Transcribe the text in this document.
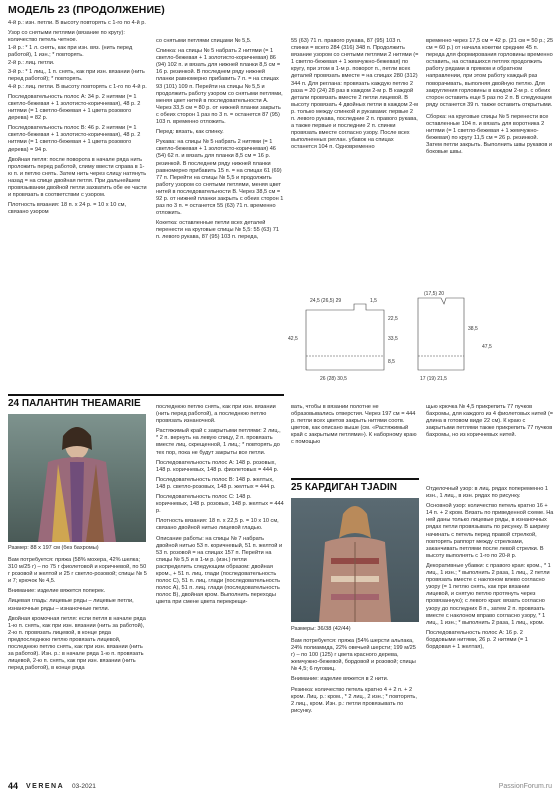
МОДЕЛЬ 23 (ПРОДОЛЖЕНИЕ)

4-й р.: изн. петли. В высоту повторять с 1-го по 4-й р.

Узор со снятыми петлями (вязание по кругу): количество петель четное.

1-й р.: * 1 л. снять, как при изн. вяз. (нить перед работой), 1 изн.; * повторять.

2-й р.: лиц. петли.

3-й р.: * 1 лиц., 1 п. снять, как при изн. вязании (нить перед работой); * повторять.

4-й р.: лиц. петли. В высоту повторять с 1-го по 4-й р.

Последовательность полос А: 34 р. 2 нитями (= 1 светло-бежевая + 1 золотисто-коричневая), 48 р. 2 нитями (= 1 светло-бежевая + 1 цвета розового дерева) = 82 р.

Последовательность полос В: 46 р. 2 нитями (= 1 светло-бежевая + 1 золотисто-коричневая), 48 р. 2 нитями (= 1 светло-бежевая + 1 цвета розового дерева) = 94 р.

Двойная петля: после поворота в начале ряда нить проложить перед работой, слиму ввести справа в 1-ю п. и петлю снять. Затем нить через слицу натянуть назад = на спице двойная петля. При дальнейшем провязывании двойной петли захватить обе ее части и провязать в соответствии с узором.

Плотность вязания: 18 п. х 24 р. = 10 х 10 см, связано узором

со снятыми петлями спицами № 5,5.

Спинка: на спицы № 5 набрать 2 нитями (= 1 светло-бежевая + 1 золотисто-коричневая) 86 (94) 102 п. и вязать для нижней планки 8,5 см = 16 р. резинкой. В последнем ряду нижней планки равномерно прибавить 7 п. = на спицах 93 (101) 109 п. Перейти на спицы № 5,5 и продолжить работу узором со снятыми петлями, меняя цвет нитей в последовательности А. Через 33,5 см = 80 р. от нижней планки закрыть с обеих сторон 1 раз по 3 п. = останется 87 (95) 103 п. временно отложить.

Перед: вязать, как спинку.

Рукава: на спицы № 5 набрать 2 нитями (= 1 светло-бежевая + 1 золотисто-коричневая) 46 (54) 62 п. и вязать для планки 8,5 см = 16 р. резинкой. В последнем ряду нижней планки равномерно прибавить 15 п. = на спицах 61 (69) 77 п. Перейти на спицы № 5,5 и продолжить работу узором со снятыми петлями, меняя цвет нитей в последовательности В. Через 38,5 см = 92 р. от нижней планки закрыть с обеих сторон 1 раз по 3 п. = останется 55 (63) 71 п. временно отложить.

Кокетка: оставленные петли всех деталей перенести на круговые спицы № 5,5: 55 (63) 71 п. левого рукава, 87 (95) 103 п. переда,

55 (63) 71 п. правого рукава, 87 (95) 103 п. спинки = всего 284 (316) 348 п. Продолжить вязание узором со снятыми петлями 2 нитями (= 1 светло-бежевая + 1 жемчужно-бежевая) по кругу, при этом в 1-м р. поворот п., петли всех деталей провязать вместе = на спицах 280 (312) 344 п. Для реглана: провязать каждую петлю 2 раза = 20 (24) 28 раз в каждом 2-м р. В каждой детали провязать вместе 2 петли лицевой. В высоту провязать 4 двойных петли в каждом 2-м р. только между спинкой и рукавами: первые 2 п. левого рукава, последние 2 п. правого рукава, а также первые и последние 2 п. спинки провязать вместе согласно узору. После всех выполненных реглан. убавок на спицах останется 104 п. Одновременно

временно через 17,5 см = 42 р. (21 см = 50 р.; 25 см = 60 р.) от начала кокетки средние 45 п. переда для формирования горловины временно оставить, на оставшихся петлях продолжить работу рядами в прямом и обратном направлении, при этом работу каждый раз поворачивать, выполняя двойную петлю. Для закругления горловины в каждом 2-м р. с обеих сторон оставить еще 5 раз по 2 п. В следующем ряду останется 39 п. также оставить открытыми.

Сборка: на круговые спицы № 5 перенести все оставленные 104 п. и вязать для воротника 2 нитями (= 1 светло-бежевая + 1 жемчужно-бежевая) по кругу 11,5 см = 26 р. резинкой. Затем петли закрыть. Выполнить швы рукавов и боковые швы.

24,5 (26,5) 29	1,5
(17,5) 20
22,5
33,5
8,5
42,5
38,5
47,5
26 (28) 30,5	17 (19) 21,5
24 ПАЛАНТИН THEAMARIE
Размер: 88 х 197 см (без бахромы)

Вам потребуется: пряжа (58% мохера, 42% шелка; 310 м/25 г) – по 75 г фиолетовой и коричневой, по 50 г розовой и желтой и 25 г светло-розовой; спицы № 5 и 7; крючок № 4,5.

Внимание: изделие вяжется поперек.

Лицевая гладь: лицевые ряды – лицевые петли, изнаночные ряды – изнаночные петли.

Двойная кромочная петля: если петля в начале ряда 1-ю п. снять, как при изн. вязании (нить за работой), 2-ю п. провязать лицевой, в конце ряда предпоследнюю петлю провязать лицевой, последнюю петлю снять, как при изн. вязании (нить за работой). Изн. р.: в начале ряда 1-ю п. провязать лицевой, 2-ю п. снять, как при изн. вязании (нить перед работой), в конце ряда

последнюю петлю снять, как при изн. вязании (нить перед работой), а последнюю петлю провязать изнаночной.

Растяжимый край с закрытыми петлями: 2 лиц., * 2 п. вернуть на левую спицу, 2 п. провязать вместе лиц. скрещенной, 1 лиц.; * повторять до тех пор, пока не будут закрыты все петли.

Последовательность полос А: 148 р. розовых, 148 р. коричневых, 148 р. фиолетовых = 444 р.

Последовательность полос В: 148 р. желтых, 148 р. светло-розовых, 148 р. желтых = 444 р.

Последовательность полос С: 148 р. коричневых, 148 р. розовых, 148 р. желтых = 444 р.

Плотность вязания: 18 п. х 22,5 р. = 10 х 10 см, связано двойной нитью лицевой гладью.

Описание работы: на спицы № 7 набрать двойной нитью 53 п. коричневый, 51 п. желтой и 53 п. розовой = на спицах 157 п. Перейти на спицы № 5,5 и в 1-м р. (изн.) петли распределить следующим образом: двойная кром., + 51 п. лиц. глади (последовательность полос С), 51 п. лиц. глади (последовательность полос А), 51 п. лиц. глади (последовательность полос В), двойная кром. Выполнить переходы цвета при смене цвета перекрещи-

вать, чтобы в вязании полотне не образовывались отверстия. Через 197 см = 444 р. петли всех цветов закрыть нитями соотв. цветов, как описано выше (см. «Растяжимый край с закрытыми петлями»). К наборному краю с помощью

щью крючка № 4,5 прикрепить 77 пучков бахромы, для каждого из 4 фиолетовых нитей (= длина в готовом виде 22 см). К краю с закрытыми петлями также прикрепить 77 пучков бахромы, но из коричневых нитей.

25 КАРДИГАН TJADIN
Размеры: 36/38 (42/44)

Вам потребуется: пряжа (54% шерсти альпака, 24% полиамида, 22% овечьей шерсти; 199 м/25 г) – по 100 (125) г цвета красного дерева, жемчужно-бежевой, бордовой и розовой; спицы № 4,5; 6 пуговиц.

Внимание: изделие вяжется в 2 нити.

Резинка: количество петель кратно 4 + 2 п. + 2 кром. Лиц. р.: кром., * 2 лиц., 2 изн.; * повторять, 2 лиц., кром. Изн. р.: петли провязывать по рисунку.

Отделочный узор: в лиц. рядах попеременно 1 изн., 1 лиц., в изн. рядах по рисунку.

Основной узор: количество петель кратно 16 + 14 п. + 2 кром. Вязать по приведенной схеме. На ней даны только лицевые ряды, в изнаночных рядах петли провязывать по рисунку. В ширину начинать с петель перед правой стрелкой, повторять раппорт между стрелками, заканчивать петлями после левой стрелки. В высоту выполнять с 1-го по 20-й р.

Декоративные убавки: с правого края: кром., * 1 лиц., 1 изн.; * выполнить 2 раза, 1 лиц., 2 петли провязать вместе с наклоном влево согласно узору (= 1 петлю снять, как при вязании лицевой, и снятую петлю протянуть через провязанную); с левого края: вязать согласно узору до последних 8 п., затем 2 п. провязать вместе с наклоном вправо согласно узору, * 1 лиц., 1 изн.; * выполнить 2 раза, 1 лиц., кром.

Последовательность полос А: 16 р. 2 бордовыми нитями, 26 р. 2 нитями (= 1 бордовая + 1 желтая),

44 VERENA 03-2021	PassionForum.ru
